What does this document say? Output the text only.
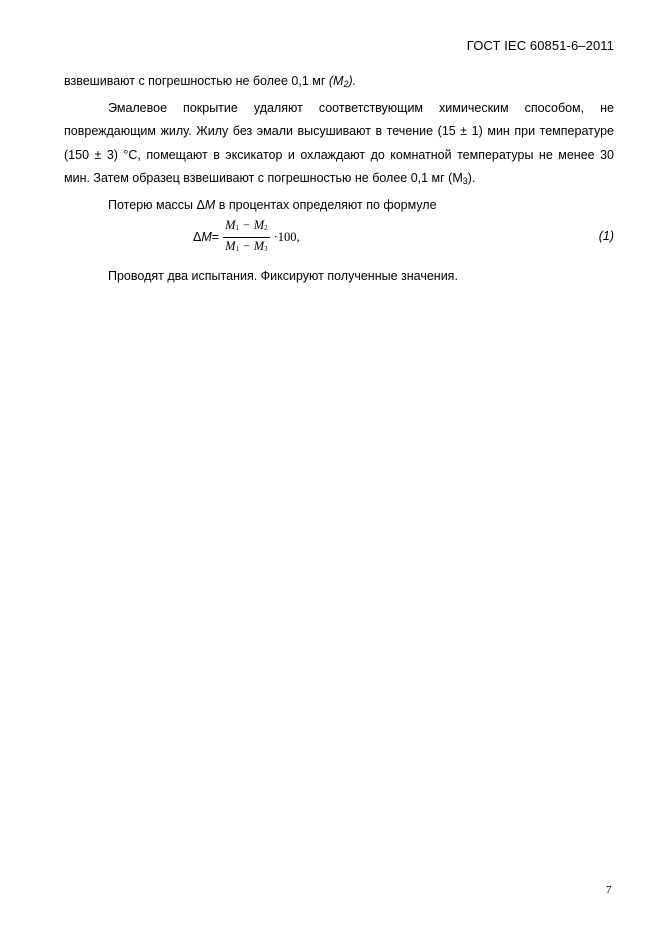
ГОСТ IEC 60851-6–2011

взвешивают с погрешностью не более 0,1 мг $(M_2)$.

Эмалевое покрытие удаляют соответствующим химическим способом, не повреждающим жилу. Жилу без эмали высушивают в течение (15 ± 1) мин при температуре (150 ± 3) °С, помещают в эксикатор и охлаждают до комнатной температуры не менее 30 мин. Затем образец взвешивают с погрешностью не более 0,1 мг $(M_3)$.

Потерю массы ΔM в процентах определяют по формуле

$\Delta M= \frac{M1 - M2}{M1 - M3} \cdot 100$,	(1)

Проводят два испытания. Фиксируют полученные значения.

7
